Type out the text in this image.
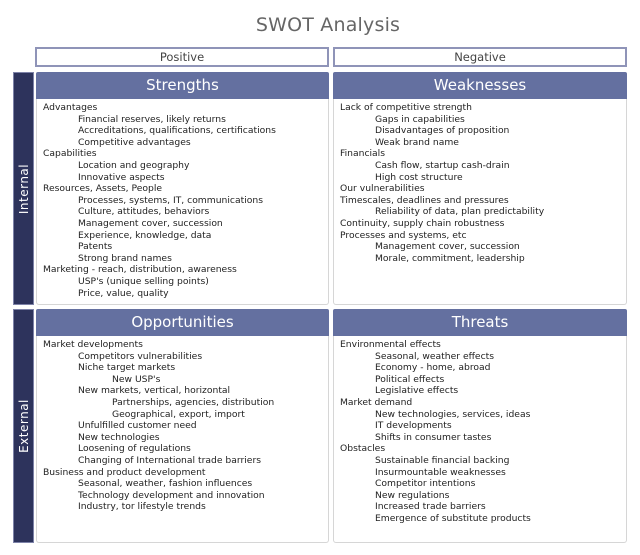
SWOT Analysis
Positive	Negative
Internal
External
Strengths
Advantages
Financial reserves, likely returns
Accreditations, qualifications, certifications
Competitive advantages
Capabilities
Location and geography
Innovative aspects
Resources, Assets, People
Processes, systems, IT, communications
Culture, attitudes, behaviors
Management cover, succession
Experience, knowledge, data
Patents
Strong brand names
Marketing - reach, distribution, awareness
USP's (unique selling points)
Price, value, quality
Weaknesses
Lack of competitive strength
Gaps in capabilities
Disadvantages of proposition
Weak brand name
Financials
Cash flow, startup cash-drain
High cost structure
Our vulnerabilities
Timescales, deadlines and pressures
Reliability of data, plan predictability
Continuity, supply chain robustness
Processes and systems, etc
Management cover, succession
Morale, commitment, leadership
Opportunities
Market developments
Competitors vulnerabilities
Niche target markets
New USP's
New markets, vertical, horizontal
Partnerships, agencies, distribution
Geographical, export, import
Unfulfilled customer need
New technologies
Loosening of regulations
Changing of International trade barriers
Business and product development
Seasonal, weather, fashion influences
Technology development and innovation
Industry, tor lifestyle trends
Threats
Environmental effects
Seasonal, weather effects
Economy - home, abroad
Political effects
Legislative effects
Market demand
New technologies, services, ideas
IT developments
Shifts in consumer tastes
Obstacles
Sustainable financial backing
Insurmountable weaknesses
Competitor intentions
New regulations
Increased trade barriers
Emergence of substitute products
